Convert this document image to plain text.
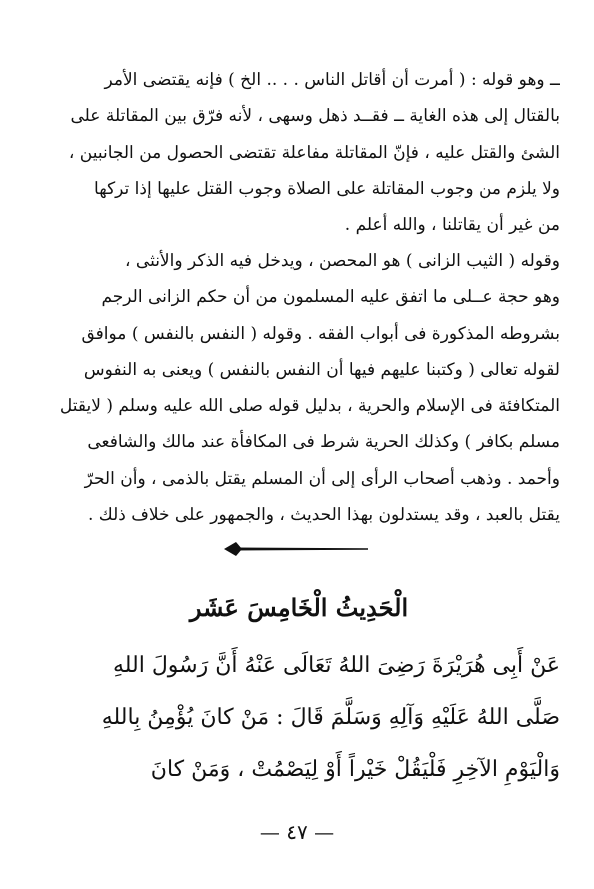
ــ وهو قوله : ( أمرت أن أقاتل الناس . . .. الخ ) فإنه يقتضى الأمر
بالقتال إلى هذه الغاية ــ فقــد ذهل وسهى ، لأنه فرّق بين المقاتلة على
الشئ والقتل عليه ، فإنّ المقاتلة مفاعلة تقتضى الحصول من الجانبين ،
ولا يلزم من وجوب المقاتلة على الصلاة وجوب القتل عليها إذا تركها
من غير أن يقاتلنا ، والله أعلم .
وقوله ( الثيب الزانى ) هو المحصن ، ويدخل فيه الذكر والأنثى ،
وهو حجة عــلى ما اتفق عليه المسلمون من أن حكم الزانى الرجم
بشروطه المذكورة فى أبواب الفقه . وقوله ( النفس بالنفس ) موافق
لقوله تعالى ( وكتبنا عليهم فيها أن النفس بالنفس ) ويعنى به النفوس
المتكافئة فى الإسلام والحرية ، بدليل قوله صلى الله عليه وسلم ( لايقتل
مسلم بكافر ) وكذلك الحرية شرط فى المكافأة عند مالك والشافعى
وأحمد . وذهب أصحاب الرأى إلى أن المسلم يقتل بالذمى ، وأن الحرّ
يقتل بالعبد ، وقد يستدلون بهذا الحديث ، والجمهور على خلاف ذلك .
الْحَدِيثُ الْخَامِسَ عَشَر
عَنْ أَبِى هُرَيْرَةَ رَضِىَ اللهُ تَعَالَى عَنْهُ أَنَّ رَسُولَ اللهِ
صَلَّى اللهُ عَلَيْهِ وَآلِهِ وَسَلَّمَ قَالَ : مَنْ كانَ يُؤْمِنُ بِاللهِ
وَالْيَوْمِ الآخِرِ فَلْيَقُلْ خَيْراً أَوْ لِيَصْمُتْ ، وَمَنْ كانَ
— ٤٧ —
